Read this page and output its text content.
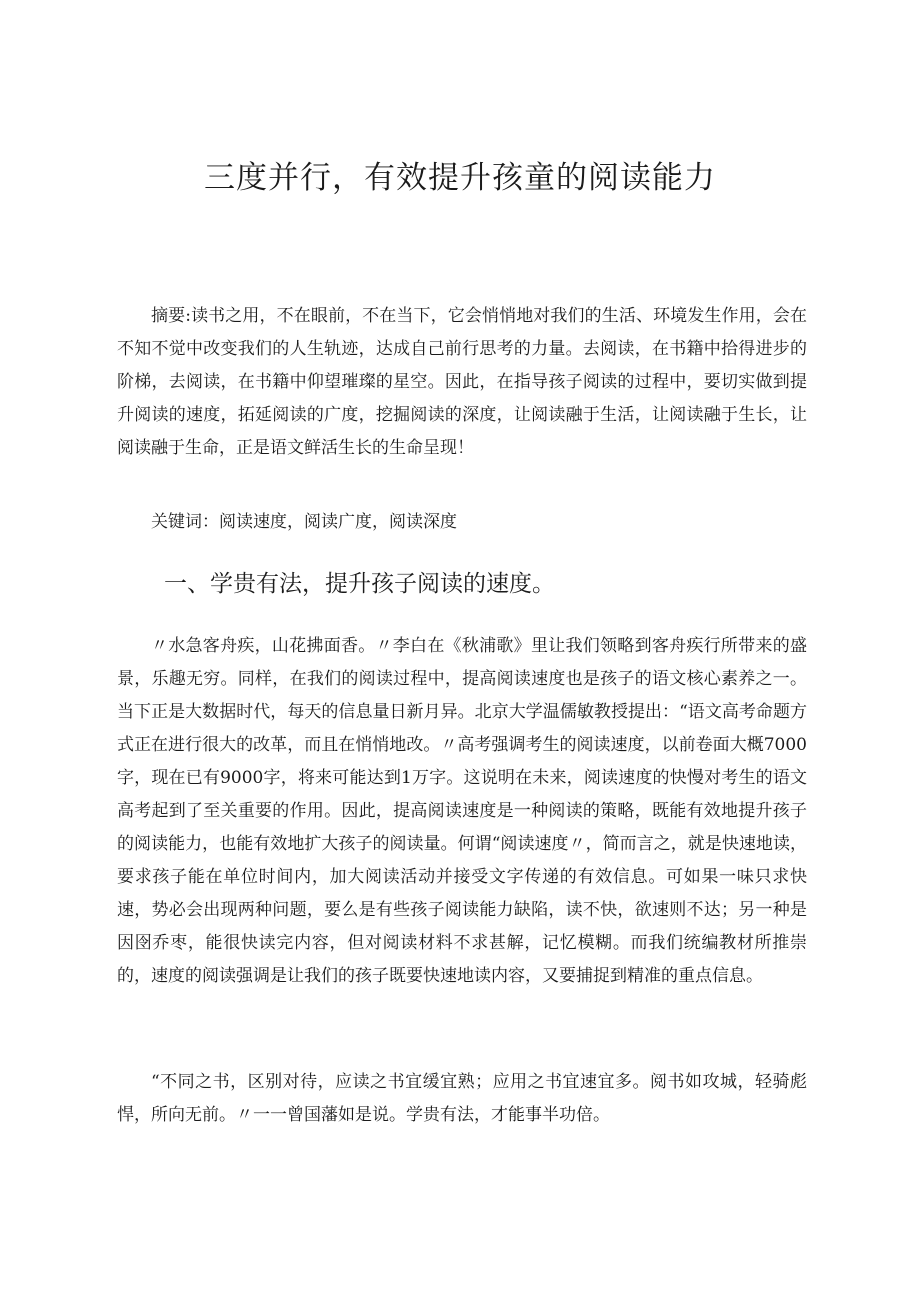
三度并行，有效提升孩童的阅读能力

摘要:读书之用，不在眼前，不在当下，它会悄悄地对我们的生活、环境发生作用，会在不知不觉中改变我们的人生轨迹，达成自己前行思考的力量。去阅读，在书籍中拾得进步的阶梯，去阅读，在书籍中仰望璀璨的星空。因此，在指导孩子阅读的过程中，要切实做到提升阅读的速度，拓延阅读的广度，挖掘阅读的深度，让阅读融于生活，让阅读融于生长，让阅读融于生命，正是语文鲜活生长的生命呈现！

关键词：阅读速度，阅读广度，阅读深度

一、学贵有法，提升孩子阅读的速度。

〃水急客舟疾，山花拂面香。〃李白在《秋浦歌》里让我们领略到客舟疾行所带来的盛景，乐趣无穷。同样，在我们的阅读过程中，提高阅读速度也是孩子的语文核心素养之一。当下正是大数据时代，每天的信息量日新月异。北京大学温儒敏教授提出：“语文高考命题方式正在进行很大的改革，而且在悄悄地改。〃高考强调考生的阅读速度，以前卷面大概7000字，现在已有9000字，将来可能达到1万字。这说明在未来，阅读速度的快慢对考生的语文高考起到了至关重要的作用。因此，提高阅读速度是一种阅读的策略，既能有效地提升孩子的阅读能力，也能有效地扩大孩子的阅读量。何谓“阅读速度〃，简而言之，就是快速地读，要求孩子能在单位时间内，加大阅读活动并接受文字传递的有效信息。可如果一味只求快速，势必会出现两种问题，要么是有些孩子阅读能力缺陷，读不快，欲速则不达；另一种是因囹乔枣，能很快读完内容，但对阅读材料不求甚解，记忆模糊。而我们统编教材所推崇的，速度的阅读强调是让我们的孩子既要快速地读内容，又要捕捉到精准的重点信息。

“不同之书，区别对待，应读之书宜缓宜熟；应用之书宜速宜多。阅书如攻城，轻骑彪悍，所向无前。〃一一曾国藩如是说。学贵有法，才能事半功倍。
